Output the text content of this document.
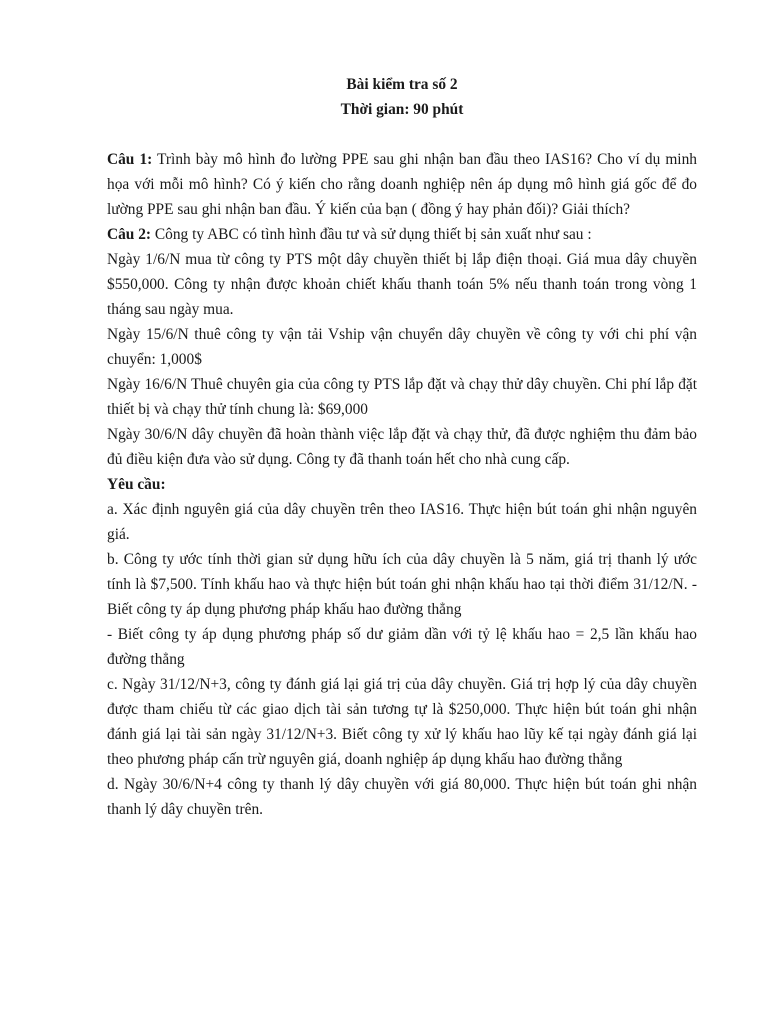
Bài kiểm tra số 2

Thời gian: 90 phút

Câu 1: Trình bày mô hình đo lường PPE sau ghi nhận ban đầu theo IAS16? Cho ví dụ minh họa với mỗi mô hình? Có ý kiến cho rằng doanh nghiệp nên áp dụng mô hình giá gốc để đo lường PPE sau ghi nhận ban đầu. Ý kiến của bạn ( đồng ý hay phản đối)? Giải thích?

Câu 2: Công ty ABC có tình hình đầu tư và sử dụng thiết bị sản xuất như sau :

Ngày 1/6/N mua từ công ty PTS một dây chuyền thiết bị lắp điện thoại. Giá mua dây chuyền $550,000. Công ty nhận được khoản chiết khấu thanh toán 5% nếu thanh toán trong vòng 1 tháng sau ngày mua.

Ngày 15/6/N thuê công ty vận tải Vship vận chuyển dây chuyền về công ty với chi phí vận chuyển: 1,000$

Ngày 16/6/N Thuê chuyên gia của công ty PTS lắp đặt và chạy thử dây chuyền. Chi phí lắp đặt thiết bị và chạy thử tính chung là: $69,000

Ngày 30/6/N dây chuyền đã hoàn thành việc lắp đặt và chạy thử, đã được nghiệm thu đảm bảo đủ điều kiện đưa vào sử dụng. Công ty đã thanh toán hết cho nhà cung cấp.

Yêu cầu:

a. Xác định nguyên giá của dây chuyền trên theo IAS16. Thực hiện bút toán ghi nhận nguyên giá.

b. Công ty ước tính thời gian sử dụng hữu ích của dây chuyền là 5 năm, giá trị thanh lý ước tính là $7,500. Tính khấu hao và thực hiện bút toán ghi nhận khấu hao tại thời điểm 31/12/N. - Biết công ty áp dụng phương pháp khấu hao đường thẳng

- Biết công ty áp dụng phương pháp số dư giảm dần với tỷ lệ khấu hao = 2,5 lần khấu hao đường thẳng

c. Ngày 31/12/N+3, công ty đánh giá lại giá trị của dây chuyền. Giá trị hợp lý của dây chuyền được tham chiếu từ các giao dịch tài sản tương tự là $250,000. Thực hiện bút toán ghi nhận đánh giá lại tài sản ngày 31/12/N+3. Biết công ty xử lý khấu hao lũy kế tại ngày đánh giá lại theo phương pháp cấn trừ nguyên giá, doanh nghiệp áp dụng khấu hao đường thẳng

d. Ngày 30/6/N+4 công ty thanh lý dây chuyền với giá 80,000. Thực hiện bút toán ghi nhận thanh lý dây chuyền trên.
